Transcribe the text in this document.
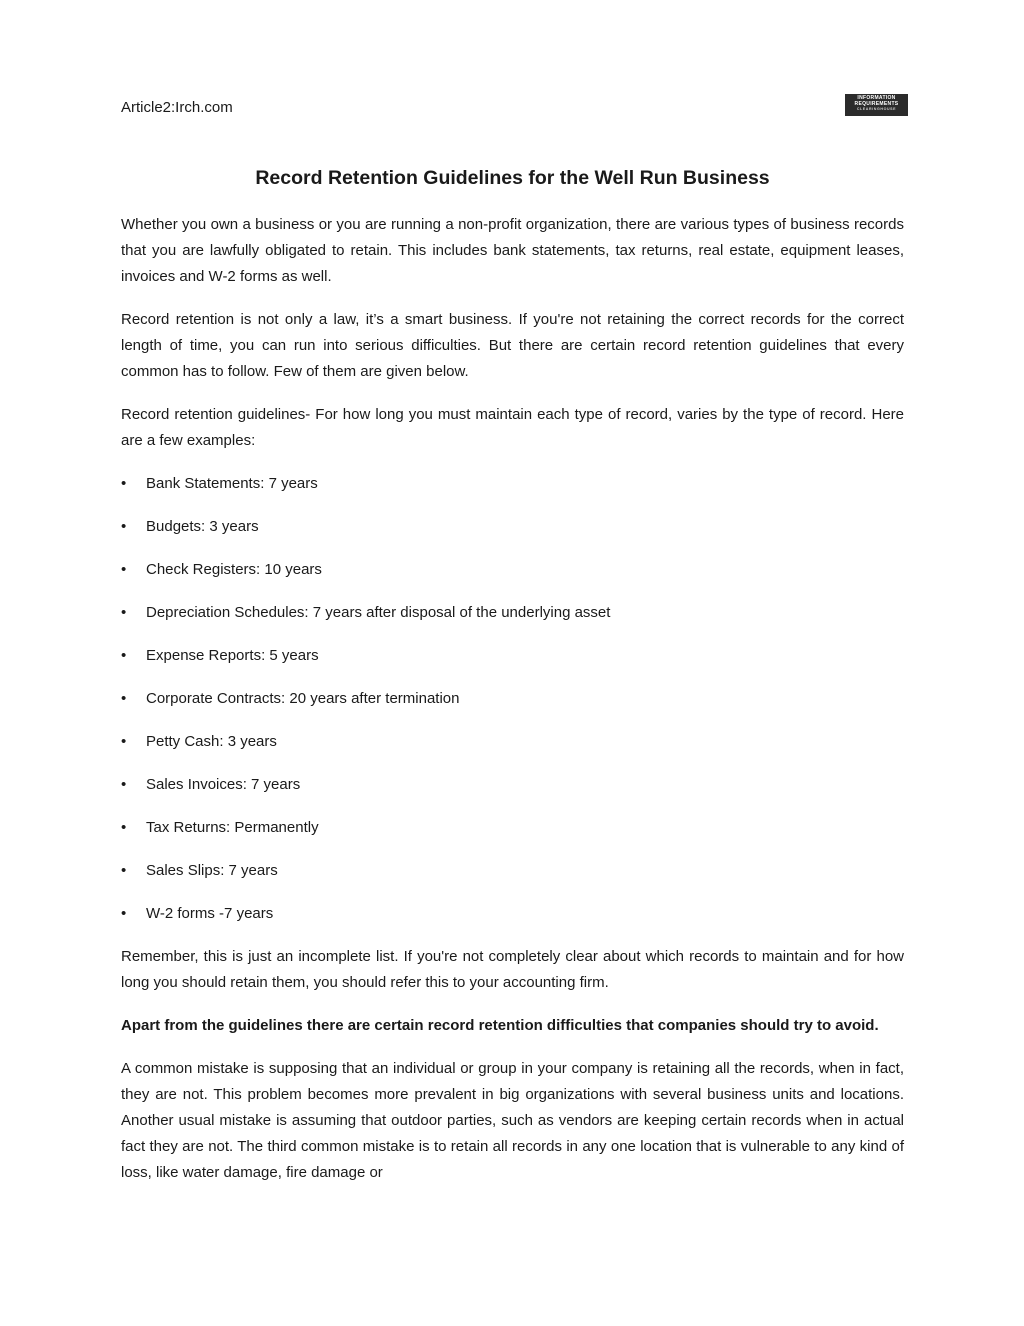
Article2:Irch.com
INFORMATION
REQUIREMENTS
CLEARINGHOUSE
Record Retention Guidelines for the Well Run Business

Whether you own a business or you are running a non-profit organization, there are various types of business records that you are lawfully obligated to retain. This includes bank statements, tax returns, real estate, equipment leases, invoices and W-2 forms as well.

Record retention is not only a law, it’s a smart business. If you're not retaining the correct records for the correct length of time, you can run into serious difficulties. But there are certain record retention guidelines that every common has to follow. Few of them are given below.

Record retention guidelines- For how long you must maintain each type of record, varies by the type of record. Here are a few examples:

• Bank Statements: 7 years
• Budgets: 3 years
• Check Registers: 10 years
• Depreciation Schedules: 7 years after disposal of the underlying asset
• Expense Reports: 5 years
• Corporate Contracts: 20 years after termination
• Petty Cash: 3 years
• Sales Invoices: 7 years
• Tax Returns: Permanently
• Sales Slips: 7 years
• W-2 forms -7 years

Remember, this is just an incomplete list. If you're not completely clear about which records to maintain and for how long you should retain them, you should refer this to your accounting firm.

Apart from the guidelines there are certain record retention difficulties that companies should try to avoid.

A common mistake is supposing that an individual or group in your company is retaining all the records, when in fact, they are not. This problem becomes more prevalent in big organizations with several business units and locations. Another usual mistake is assuming that outdoor parties, such as vendors are keeping certain records when in actual fact they are not. The third common mistake is to retain all records in any one location that is vulnerable to any kind of loss, like water damage, fire damage or
